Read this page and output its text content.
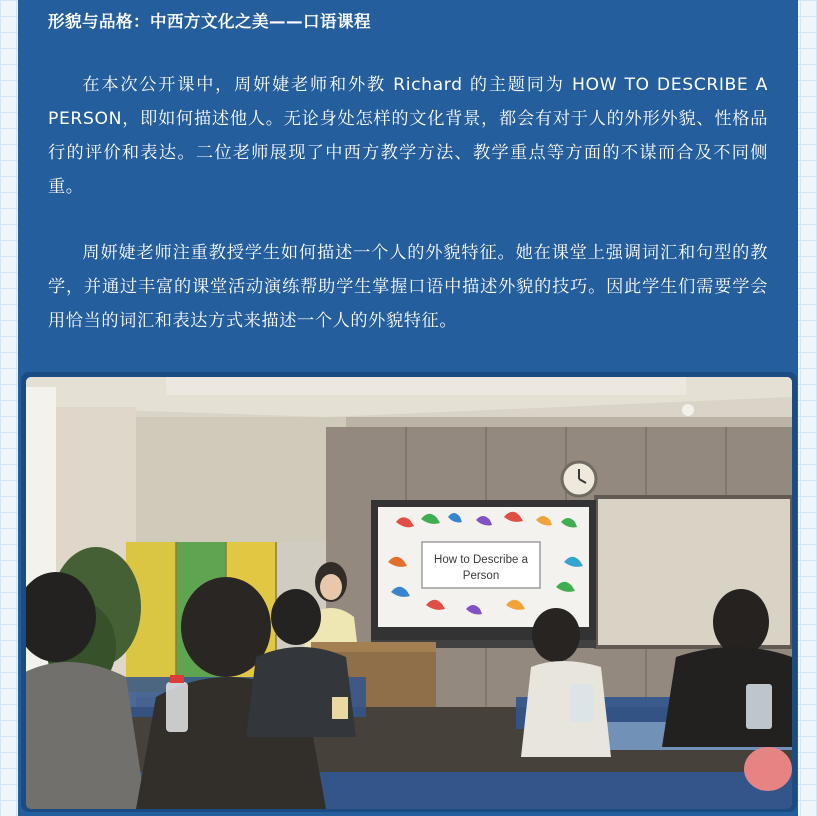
形貌与品格：中西方文化之美——口语课程

在本次公开课中，周妍婕老师和外教 Richard 的主题同为 HOW TO DESCRIBE A PERSON，即如何描述他人。无论身处怎样的文化背景，都会有对于人的外形外貌、性格品行的评价和表达。二位老师展现了中西方教学方法、教学重点等方面的不谋而合及不同侧重。

周妍婕老师注重教授学生如何描述一个人的外貌特征。她在课堂上强调词汇和句型的教学，并通过丰富的课堂活动演练帮助学生掌握口语中描述外貌的技巧。因此学生们需要学会用恰当的词汇和表达方式来描述一个人的外貌特征。

How to Describe a
Person
